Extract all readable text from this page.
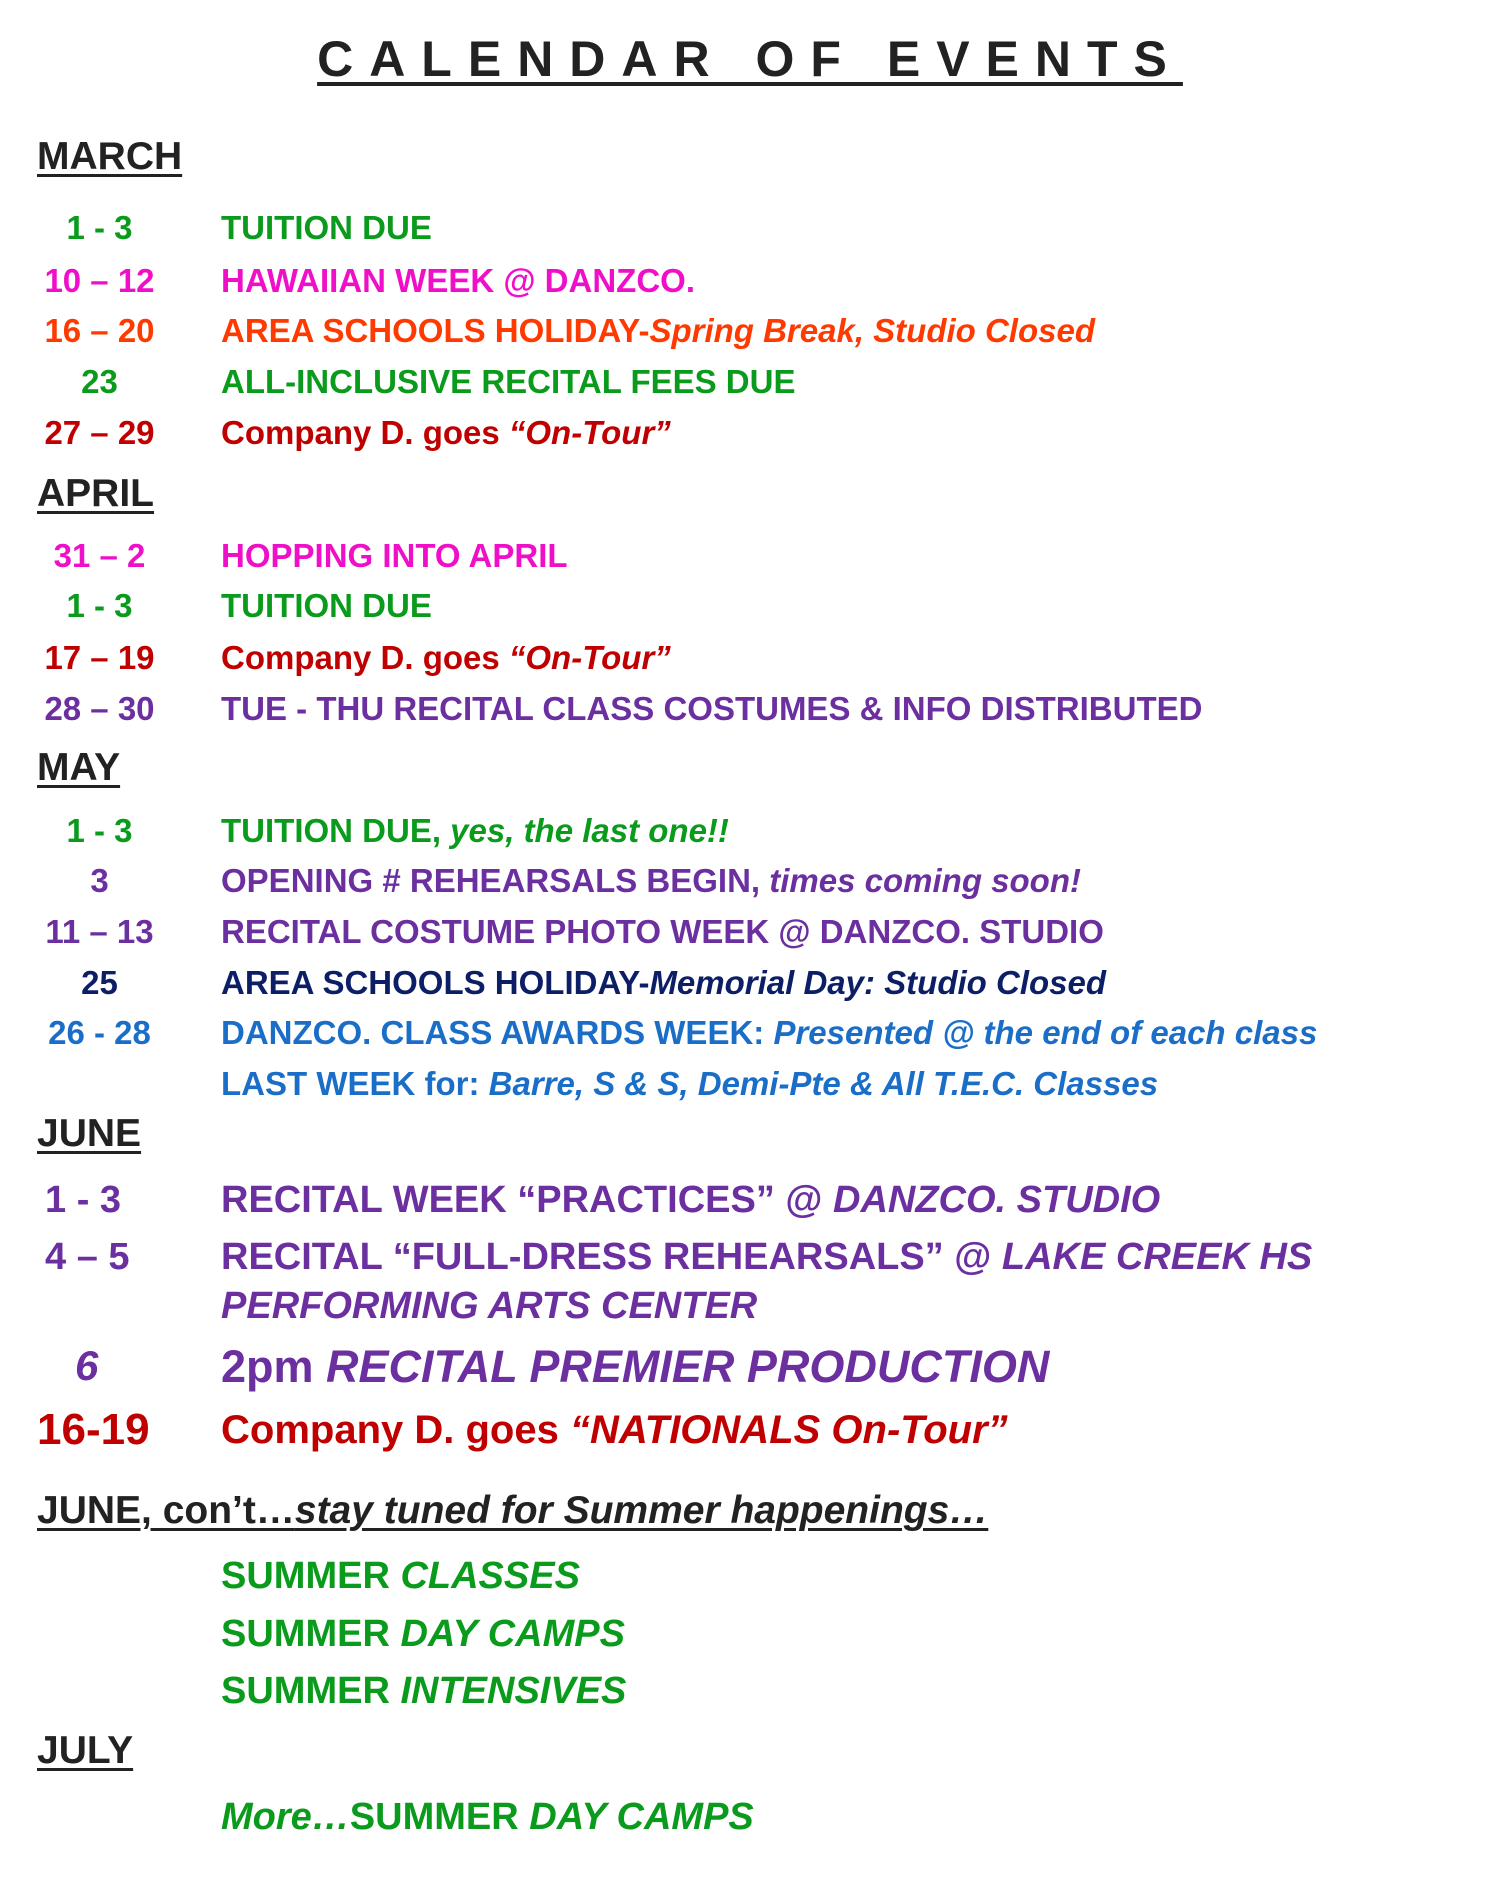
CALENDAR OF EVENTS
MARCH
1 - 3	TUITION DUE
10 – 12 HAWAIIAN WEEK @ DANZCO.
16 – 20 AREA SCHOOLS HOLIDAY-Spring Break, Studio Closed
23	ALL-INCLUSIVE RECITAL FEES DUE
27 – 29 Company D. goes “On-Tour”
APRIL
31 – 2	HOPPING INTO APRIL
1 - 3	TUITION DUE
17 – 19 Company D. goes “On-Tour”
28 – 30 TUE - THU RECITAL CLASS COSTUMES & INFO DISTRIBUTED
MAY
1 - 3	TUITION DUE, yes, the last one!!
3	OPENING # REHEARSALS BEGIN, times coming soon!
11 – 13 RECITAL COSTUME PHOTO WEEK @ DANZCO. STUDIO
25	AREA SCHOOLS HOLIDAY-Memorial Day: Studio Closed
26 - 28	DANZCO. CLASS AWARDS WEEK: Presented @ the end of each class
LAST WEEK for: Barre, S & S, Demi-Pte & All T.E.C. Classes
JUNE
1 - 3	RECITAL WEEK “PRACTICES” @ DANZCO. STUDIO
4 – 5 RECITAL “FULL-DRESS REHEARSALS” @ LAKE CREEK HS
PERFORMING ARTS CENTER
6	2pm RECITAL PREMIER PRODUCTION
16-19 Company D. goes “NATIONALS On-Tour”
JUNE, con’t…stay tuned for Summer happenings…
SUMMER CLASSES
SUMMER DAY CAMPS
SUMMER INTENSIVES
JULY
More…SUMMER DAY CAMPS
